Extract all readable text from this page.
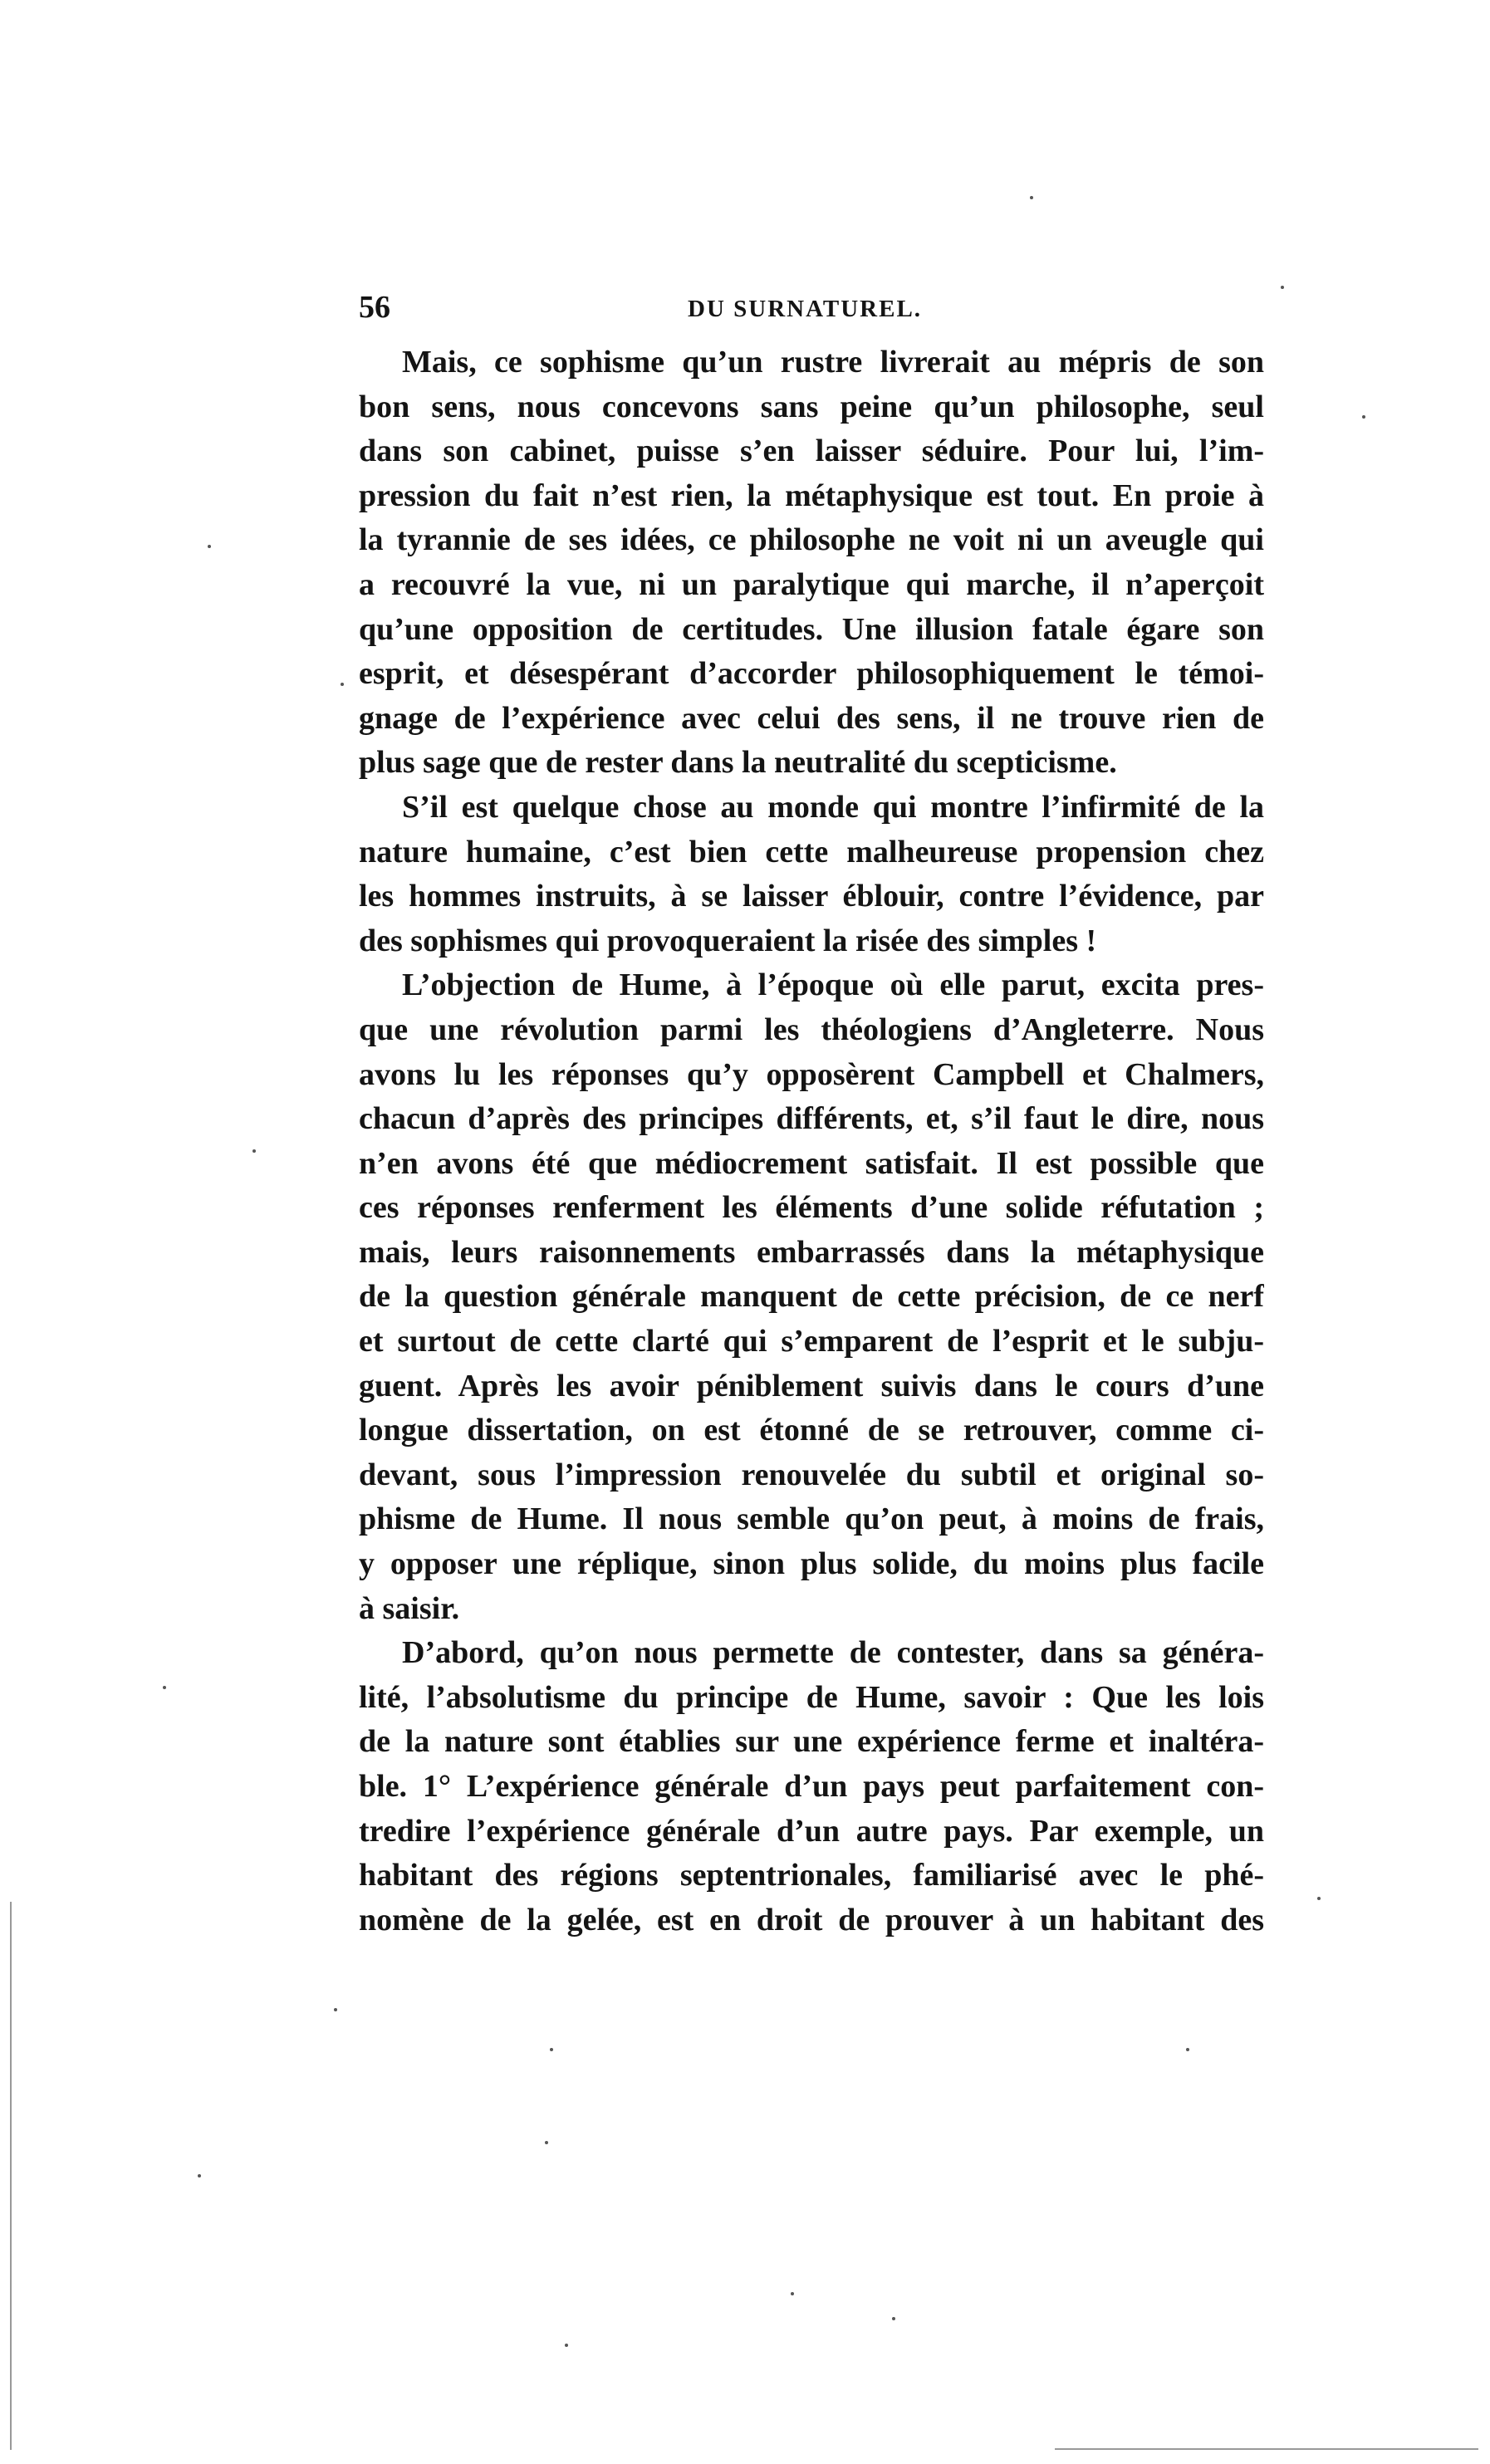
56	DU SURNATUREL.

Mais, ce sophisme qu’un rustre livrerait au mépris de son
bon sens, nous concevons sans peine qu’un philosophe, seul
dans son cabinet, puisse s’en laisser séduire. Pour lui, l’im-
pression du fait n’est rien, la métaphysique est tout. En proie à
la tyrannie de ses idées, ce philosophe ne voit ni un aveugle qui
a recouvré la vue, ni un paralytique qui marche, il n’aperçoit
qu’une opposition de certitudes. Une illusion fatale égare son
esprit, et désespérant d’accorder philosophiquement le témoi-
gnage de l’expérience avec celui des sens, il ne trouve rien de
plus sage que de rester dans la neutralité du scepticisme.

S’il est quelque chose au monde qui montre l’infirmité de la
nature humaine, c’est bien cette malheureuse propension chez
les hommes instruits, à se laisser éblouir, contre l’évidence, par
des sophismes qui provoqueraient la risée des simples !

L’objection de Hume, à l’époque où elle parut, excita pres-
que une révolution parmi les théologiens d’Angleterre. Nous
avons lu les réponses qu’y opposèrent Campbell et Chalmers,
chacun d’après des principes différents, et, s’il faut le dire, nous
n’en avons été que médiocrement satisfait. Il est possible que
ces réponses renferment les éléments d’une solide réfutation ;
mais, leurs raisonnements embarrassés dans la métaphysique
de la question générale manquent de cette précision, de ce nerf
et surtout de cette clarté qui s’emparent de l’esprit et le subju-
guent. Après les avoir péniblement suivis dans le cours d’une
longue dissertation, on est étonné de se retrouver, comme ci-
devant, sous l’impression renouvelée du subtil et original so-
phisme de Hume. Il nous semble qu’on peut, à moins de frais,
y opposer une réplique, sinon plus solide, du moins plus facile
à saisir.

D’abord, qu’on nous permette de contester, dans sa généra-
lité, l’absolutisme du principe de Hume, savoir : Que les lois
de la nature sont établies sur une expérience ferme et inaltéra-
ble. 1° L’expérience générale d’un pays peut parfaitement con-
tredire l’expérience générale d’un autre pays. Par exemple, un
habitant des régions septentrionales, familiarisé avec le phé-
nomène de la gelée, est en droit de prouver à un habitant des
